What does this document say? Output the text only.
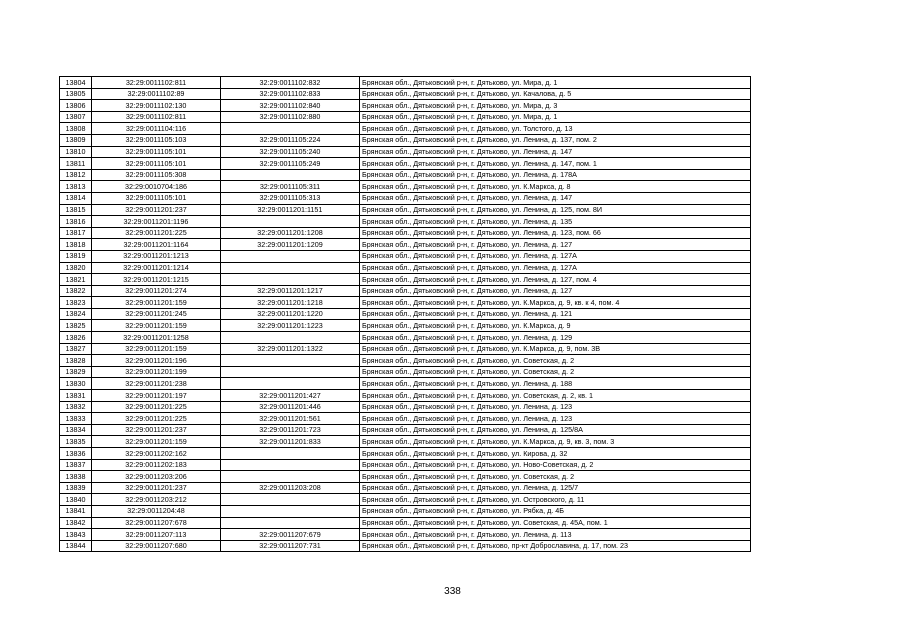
13804	32:29:0011102:811	32:29:0011102:832	Брянская обл., Дятьковский р-н, г. Дятьково, ул. Мира, д. 1
13805	32:29:0011102:89	32:29:0011102:833	Брянская обл., Дятьковский р-н, г. Дятьково, ул. Качалова, д. 5
13806	32:29:0011102:130	32:29:0011102:840	Брянская обл., Дятьковский р-н, г. Дятьково, ул. Мира, д. 3
13807	32:29:0011102:811	32:29:0011102:880	Брянская обл., Дятьковский р-н, г. Дятьково, ул. Мира, д. 1
13808	32:29:0011104:116		Брянская обл., Дятьковский р-н, г. Дятьково, ул. Толстого, д. 13
13809	32:29:0011105:103	32:29:0011105:224	Брянская обл., Дятьковский р-н, г. Дятьково, ул. Ленина, д. 137, пом. 2
13810	32:29:0011105:101	32:29:0011105:240	Брянская обл., Дятьковский р-н, г. Дятьково, ул. Ленина, д. 147
13811	32:29:0011105:101	32:29:0011105:249	Брянская обл., Дятьковский р-н, г. Дятьково, ул. Ленина, д. 147, пом. 1
13812	32:29:0011105:308		Брянская обл., Дятьковский р-н, г. Дятьково, ул. Ленина, д. 178А
13813	32:29:0010704:186	32:29:0011105:311	Брянская обл., Дятьковский р-н, г. Дятьково, ул. К.Маркса, д. 8
13814	32:29:0011105:101	32:29:0011105:313	Брянская обл., Дятьковский р-н, г. Дятьково, ул. Ленина, д. 147
13815	32:29:0011201:237	32:29:0011201:1151	Брянская обл., Дятьковский р-н, г. Дятьково, ул. Ленина, д. 125, пом. 8И
13816	32:29:0011201:1196		Брянская обл., Дятьковский р-н, г. Дятьково, ул. Ленина, д. 135
13817	32:29:0011201:225	32:29:0011201:1208	Брянская обл., Дятьковский р-н, г. Дятьково, ул. Ленина, д. 123, пом. 66
13818	32:29:0011201:1164	32:29:0011201:1209	Брянская обл., Дятьковский р-н, г. Дятьково, ул. Ленина, д. 127
13819	32:29:0011201:1213		Брянская обл., Дятьковский р-н, г. Дятьково, ул. Ленина, д. 127А
13820	32:29:0011201:1214		Брянская обл., Дятьковский р-н, г. Дятьково, ул. Ленина, д. 127А
13821	32:29:0011201:1215		Брянская обл., Дятьковский р-н, г. Дятьково, ул. Ленина, д. 127, пом. 4
13822	32:29:0011201:274	32:29:0011201:1217	Брянская обл., Дятьковский р-н, г. Дятьково, ул. Ленина, д. 127
13823	32:29:0011201:159	32:29:0011201:1218	Брянская обл., Дятьковский р-н, г. Дятьково, ул. К.Маркса, д. 9, кв. к 4, пом. 4
13824	32:29:0011201:245	32:29:0011201:1220	Брянская обл., Дятьковский р-н, г. Дятьково, ул. Ленина, д. 121
13825	32:29:0011201:159	32:29:0011201:1223	Брянская обл., Дятьковский р-н, г. Дятьково, ул. К.Маркса, д. 9
13826	32:29:0011201:1258		Брянская обл., Дятьковский р-н, г. Дятьково, ул. Ленина, д. 129
13827	32:29:0011201:159	32:29:0011201:1322	Брянская обл., Дятьковский р-н, г. Дятьково, ул. К.Маркса, д. 9, пом. 3В
13828	32:29:0011201:196		Брянская обл., Дятьковский р-н, г. Дятьково, ул. Советская, д. 2
13829	32:29:0011201:199		Брянская обл., Дятьковский р-н, г. Дятьково, ул. Советская, д. 2
13830	32:29:0011201:238		Брянская обл., Дятьковский р-н, г. Дятьково, ул. Ленина, д. 188
13831	32:29:0011201:197	32:29:0011201:427	Брянская обл., Дятьковский р-н, г. Дятьково, ул. Советская, д. 2, кв. 1
13832	32:29:0011201:225	32:29:0011201:446	Брянская обл., Дятьковский р-н, г. Дятьково, ул. Ленина, д. 123
13833	32:29:0011201:225	32:29:0011201:561	Брянская обл., Дятьковский р-н, г. Дятьково, ул. Ленина, д. 123
13834	32:29:0011201:237	32:29:0011201:723	Брянская обл., Дятьковский р-н, г. Дятьково, ул. Ленина, д. 125/8А
13835	32:29:0011201:159	32:29:0011201:833	Брянская обл., Дятьковский р-н, г. Дятьково, ул. К.Маркса, д. 9, кв. 3, пом. 3
13836	32:29:0011202:162		Брянская обл., Дятьковский р-н, г. Дятьково, ул. Кирова, д. 32
13837	32:29:0011202:183		Брянская обл., Дятьковский р-н, г. Дятьково, ул. Ново-Советская, д. 2
13838	32:29:0011203:206		Брянская обл., Дятьковский р-н, г. Дятьково, ул. Советская, д. 2
13839	32:29:0011201:237	32:29:0011203:208	Брянская обл., Дятьковский р-н, г. Дятьково, ул. Ленина, д. 125/7
13840	32:29:0011203:212		Брянская обл., Дятьковский р-н, г. Дятьково, ул. Островского, д. 11
13841	32:29:0011204:48		Брянская обл., Дятьковский р-н, г. Дятьково, ул. Рябка, д. 4Б
13842	32:29:0011207:678		Брянская обл., Дятьковский р-н, г. Дятьково, ул. Советская, д. 45А, пом. 1
13843	32:29:0011207:113	32:29:0011207:679	Брянская обл., Дятьковский р-н, г. Дятьково, ул. Ленина, д. 113
13844	32:29:0011207:680	32:29:0011207:731	Брянская обл., Дятьковский р-н, г. Дятьково, пр-кт Доброславина, д. 17, пом. 23
338
